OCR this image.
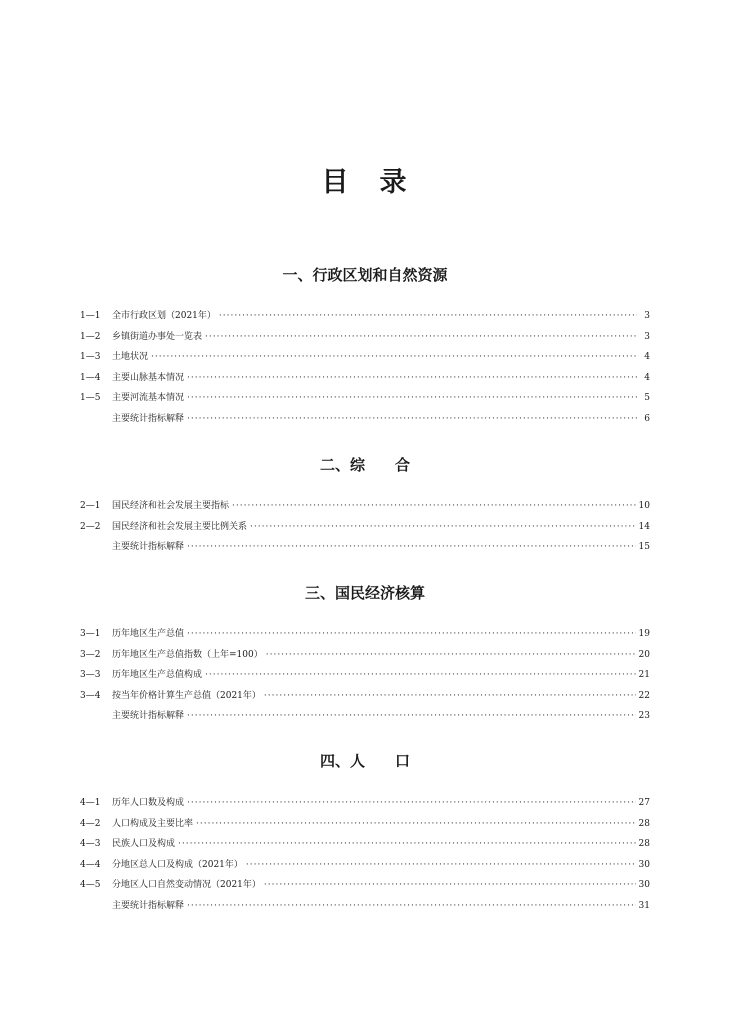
目　录
一、行政区划和自然资源
1—1	全市行政区划（2021年） ·····	3
1—2	乡镇街道办事处一览表 ·····	3
1—3	土地状况 ·····	4
1—4	主要山脉基本情况 ·····	4
1—5	主要河流基本情况 ·····	5
主要统计指标解释 ·····	6
二、综　　合
2—1	国民经济和社会发展主要指标 ·····	10
2—2	国民经济和社会发展主要比例关系 ·····	14
主要统计指标解释 ·····	15
三、国民经济核算
3—1	历年地区生产总值 ·····	19
3—2	历年地区生产总值指数（上年=100） ·····	20
3—3	历年地区生产总值构成 ·····	21
3—4	按当年价格计算生产总值（2021年） ·····	22
主要统计指标解释 ·····	23
四、人　　口
4—1	历年人口数及构成 ·····	27
4—2	人口构成及主要比率 ·····	28
4—3	民族人口及构成 ·····	28
4—4	分地区总人口及构成（2021年） ·····	30
4—5	分地区人口自然变动情况（2021年） ·····	30
主要统计指标解释 ·····	31
